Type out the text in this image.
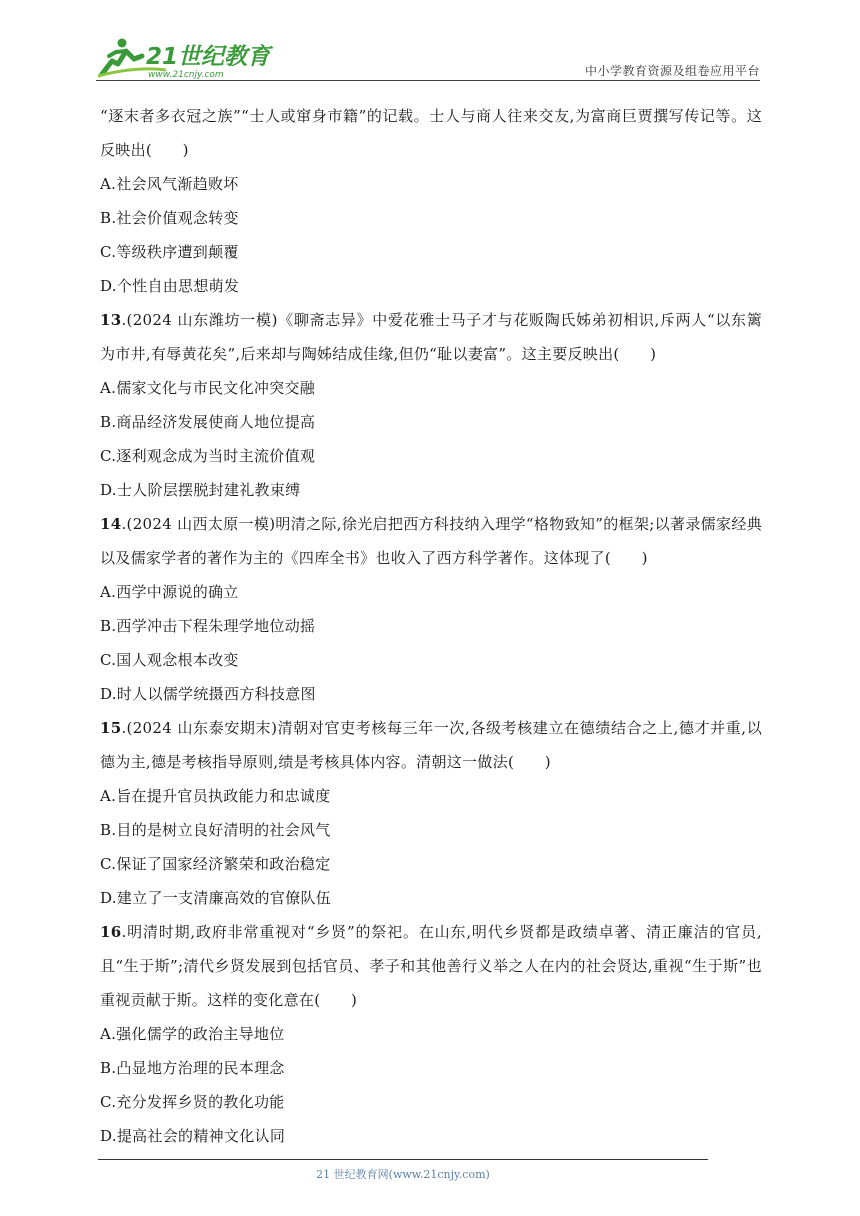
21世纪教育
www.21cnjy.com	中小学教育资源及组卷应用平台
“逐末者多衣冠之族”“士人或窜身市籍”的记载。士人与商人往来交友,为富商巨贾撰写传记等。这反映出(　　)
A.社会风气渐趋败坏
B.社会价值观念转变
C.等级秩序遭到颠覆
D.个性自由思想萌发
13.(2024 山东潍坊一模)《聊斋志异》中爱花雅士马子才与花贩陶氏姊弟初相识,斥两人“以东篱为市井,有辱黄花矣”,后来却与陶姊结成佳缘,但仍“耻以妻富”。这主要反映出(　　)
A.儒家文化与市民文化冲突交融
B.商品经济发展使商人地位提高
C.逐利观念成为当时主流价值观
D.士人阶层摆脱封建礼教束缚
14.(2024 山西太原一模)明清之际,徐光启把西方科技纳入理学“格物致知”的框架;以著录儒家经典以及儒家学者的著作为主的《四库全书》也收入了西方科学著作。这体现了(　　)
A.西学中源说的确立
B.西学冲击下程朱理学地位动摇
C.国人观念根本改变
D.时人以儒学统摄西方科技意图
15.(2024 山东泰安期末)清朝对官吏考核每三年一次,各级考核建立在德绩结合之上,德才并重,以德为主,德是考核指导原则,绩是考核具体内容。清朝这一做法(　　)
A.旨在提升官员执政能力和忠诚度
B.目的是树立良好清明的社会风气
C.保证了国家经济繁荣和政治稳定
D.建立了一支清廉高效的官僚队伍
16.明清时期,政府非常重视对“乡贤”的祭祀。在山东,明代乡贤都是政绩卓著、清正廉洁的官员,且“生于斯”;清代乡贤发展到包括官员、孝子和其他善行义举之人在内的社会贤达,重视“生于斯”也重视贡献于斯。这样的变化意在(　　)
A.强化儒学的政治主导地位
B.凸显地方治理的民本理念
C.充分发挥乡贤的教化功能
D.提高社会的精神文化认同
21 世纪教育网(www.21cnjy.com)
